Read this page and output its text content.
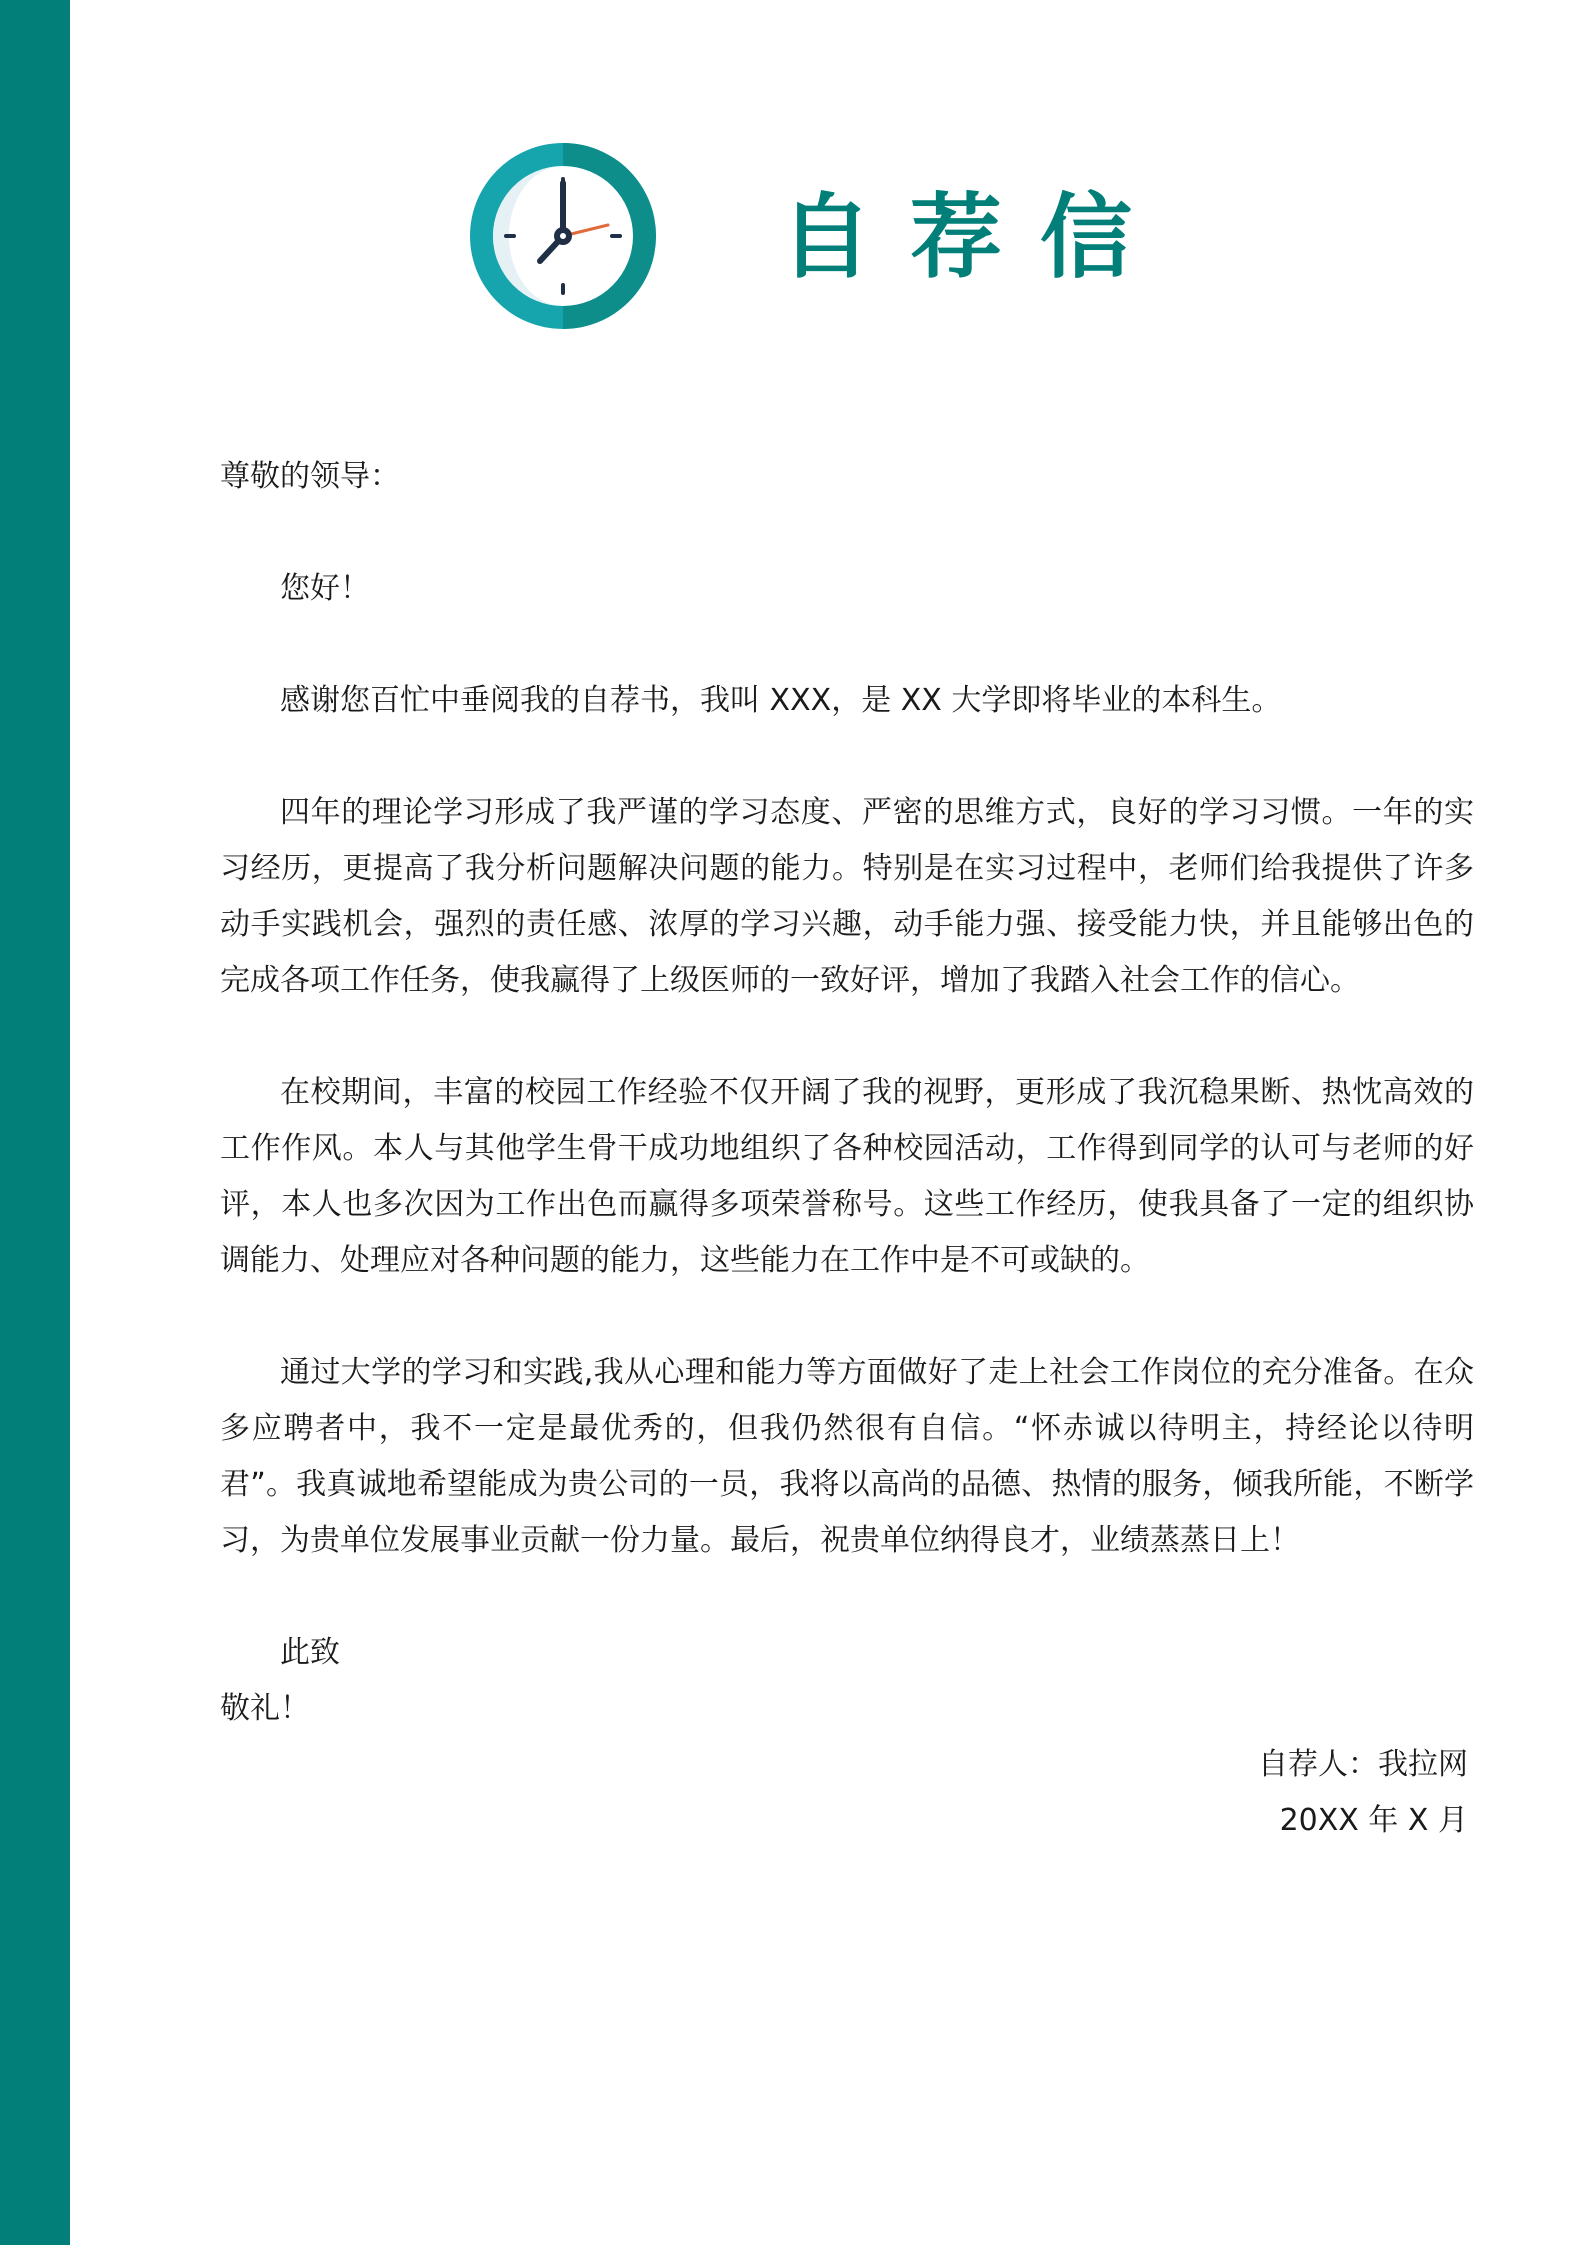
自荐信

尊敬的领导：

您好！

感谢您百忙中垂阅我的自荐书，我叫 XXX，是 XX 大学即将毕业的本科生。

四年的理论学习形成了我严谨的学习态度、严密的思维方式，良好的学习习惯。一年的实习经历，更提高了我分析问题解决问题的能力。特别是在实习过程中，老师们给我提供了许多动手实践机会，强烈的责任感、浓厚的学习兴趣，动手能力强、接受能力快，并且能够出色的完成各项工作任务，使我赢得了上级医师的一致好评，增加了我踏入社会工作的信心。

在校期间，丰富的校园工作经验不仅开阔了我的视野，更形成了我沉稳果断、热忱高效的工作作风。本人与其他学生骨干成功地组织了各种校园活动，工作得到同学的认可与老师的好评，本人也多次因为工作出色而赢得多项荣誉称号。这些工作经历，使我具备了一定的组织协调能力、处理应对各种问题的能力，这些能力在工作中是不可或缺的。

通过大学的学习和实践,我从心理和能力等方面做好了走上社会工作岗位的充分准备。在众多应聘者中，我不一定是最优秀的，但我仍然很有自信。“怀赤诚以待明主，持经论以待明君”。我真诚地希望能成为贵公司的一员，我将以高尚的品德、热情的服务，倾我所能，不断学习，为贵单位发展事业贡献一份力量。最后，祝贵单位纳得良才，业绩蒸蒸日上！

此致

敬礼！

自荐人：我拉网

20XX 年 X 月
